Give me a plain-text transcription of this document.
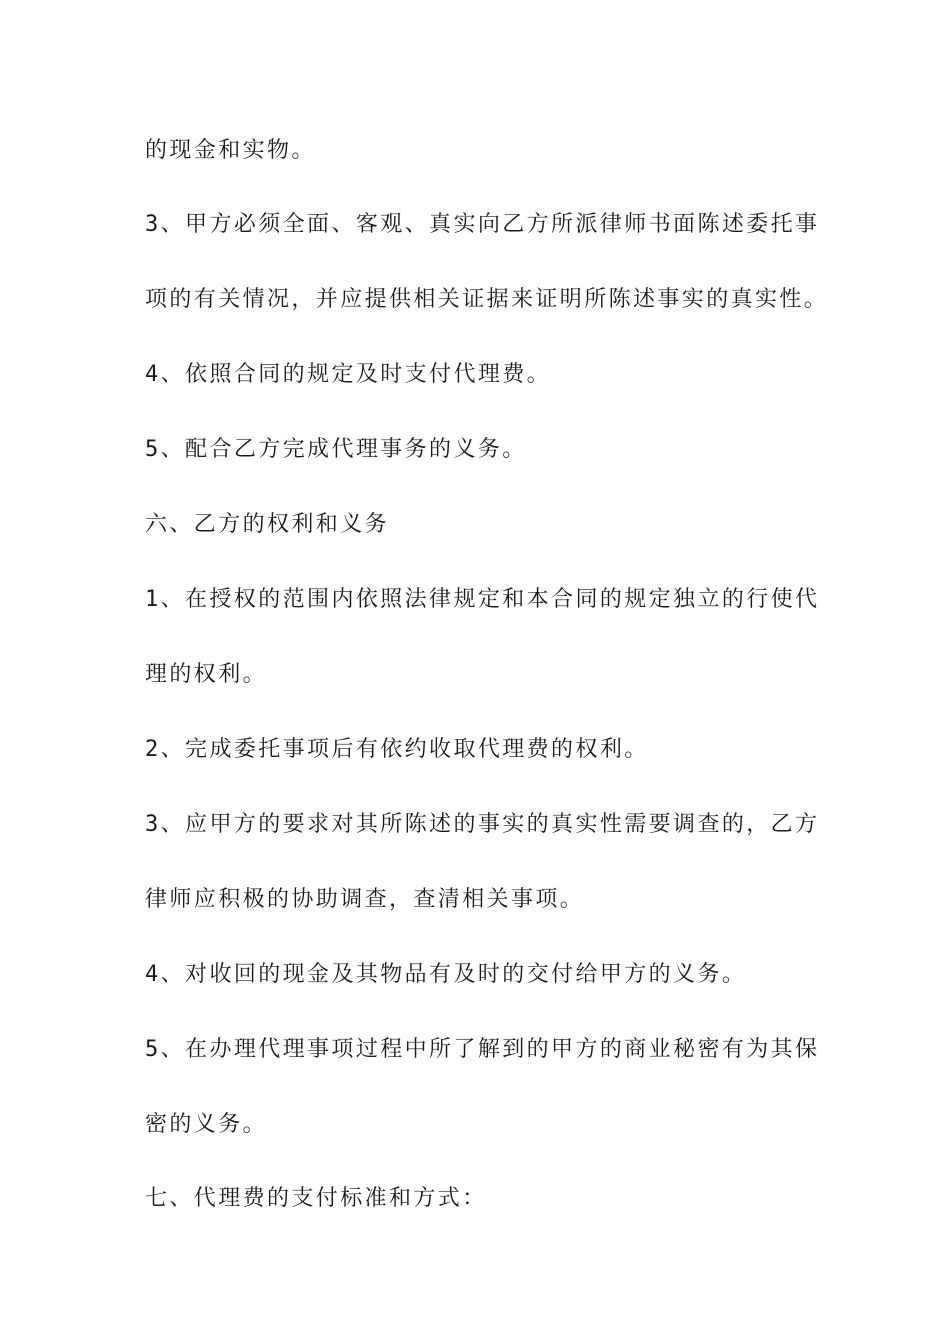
的现金和实物。
3、甲方必须全面、客观、真实向乙方所派律师书面陈述委托事
项的有关情况，并应提供相关证据来证明所陈述事实的真实性。
4、依照合同的规定及时支付代理费。
5、配合乙方完成代理事务的义务。
六、乙方的权利和义务
1、在授权的范围内依照法律规定和本合同的规定独立的行使代
理的权利。
2、完成委托事项后有依约收取代理费的权利。
3、应甲方的要求对其所陈述的事实的真实性需要调查的，乙方
律师应积极的协助调查，查清相关事项。
4、对收回的现金及其物品有及时的交付给甲方的义务。
5、在办理代理事项过程中所了解到的甲方的商业秘密有为其保
密的义务。
七、代理费的支付标准和方式：
